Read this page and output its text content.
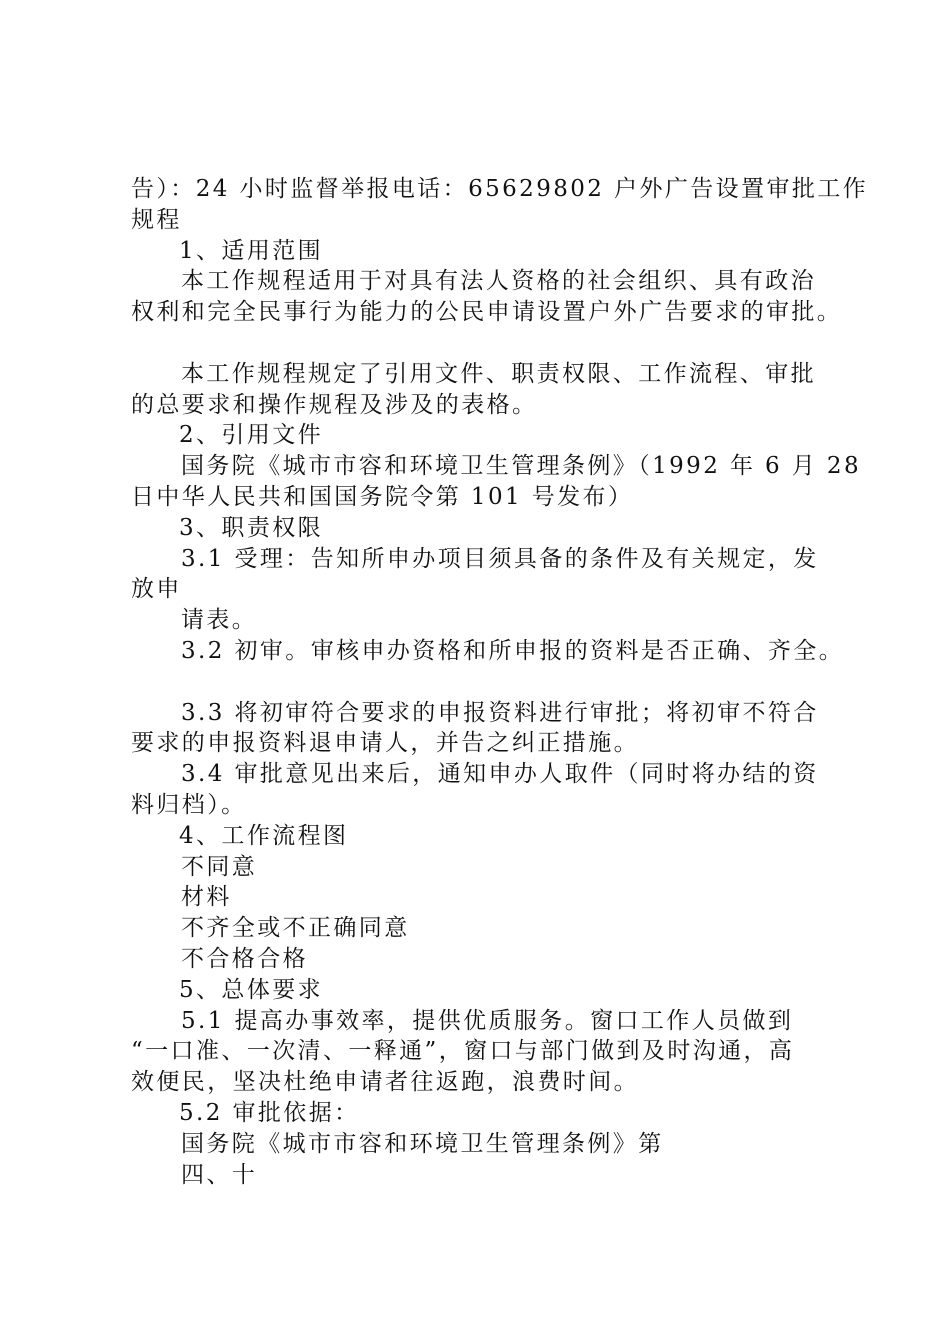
告）：24 小时监督举报电话：65629802 户外广告设置审批工作
规程
1、适用范围
本工作规程适用于对具有法人资格的社会组织、具有政治
权利和完全民事行为能力的公民申请设置户外广告要求的审批。
本工作规程规定了引用文件、职责权限、工作流程、审批
的总要求和操作规程及涉及的表格。
2、引用文件
国务院《城市市容和环境卫生管理条例》（1992 年 6 月 28
日中华人民共和国国务院令第 101 号发布）
3、职责权限
3.1 受理：告知所申办项目须具备的条件及有关规定，发
放申
请表。
3.2 初审。审核申办资格和所申报的资料是否正确、齐全。
3.3 将初审符合要求的申报资料进行审批；将初审不符合
要求的申报资料退申请人，并告之纠正措施。
3.4 审批意见出来后，通知申办人取件（同时将办结的资
料归档）。
4、工作流程图
不同意
材料
不齐全或不正确同意
不合格合格
5、总体要求
5.1 提高办事效率，提供优质服务。窗口工作人员做到
“一口准、一次清、一释通”，窗口与部门做到及时沟通，高
效便民，坚决杜绝申请者往返跑，浪费时间。
5.2 审批依据：
国务院《城市市容和环境卫生管理条例》第
四、十
